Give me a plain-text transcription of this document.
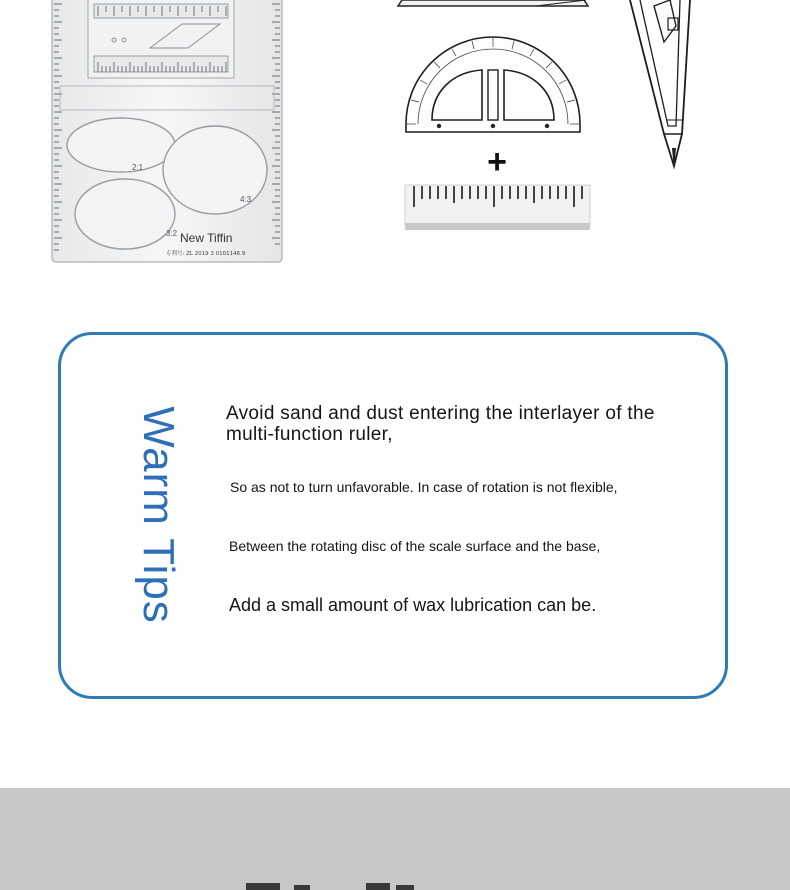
2:1
4:3
3:2 New Tiffin
专利号: ZL 2019 3 0101146.9
+
Warm Tips Avoid sand and dust entering the interlayer of the multi-function ruler,
So as not to turn unfavorable. In case of rotation is not flexible,
Between the rotating disc of the scale surface and the base,
Add a small amount of wax lubrication can be.
